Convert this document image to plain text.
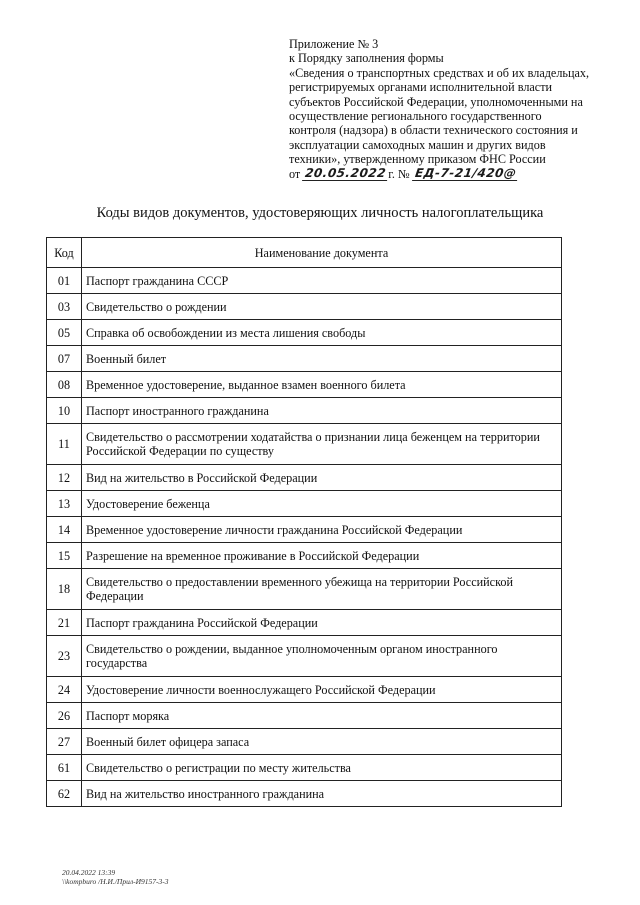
Приложение № 3
к Порядку заполнения формы
«Сведения о транспортных средствах и об их владельцах,
регистрируемых органами исполнительной власти
субъектов Российской Федерации, уполномоченными на
осуществление регионального государственного
контроля (надзора) в области технического состояния и
эксплуатации самоходных машин и других видов
техники», утвержденному приказом ФНС России
от
20.05.2022 г.
№
ЕД-7-21/420@
Коды видов документов, удостоверяющих личность налогоплательщика
Код	Наименование документа
01	Паспорт гражданина СССР
03	Свидетельство о рождении
05	Справка об освобождении из места лишения свободы
07	Военный билет
08	Временное удостоверение, выданное взамен военного билета
10	Паспорт иностранного гражданина
11	Свидетельство о рассмотрении ходатайства о признании лица беженцем на территории Российской Федерации по существу
12	Вид на жительство в Российской Федерации
13	Удостоверение беженца
14	Временное удостоверение личности гражданина Российской Федерации
15	Разрешение на временное проживание в Российской Федерации
18	Свидетельство о предоставлении временного убежища на территории Российской Федерации
21	Паспорт гражданина Российской Федерации
23	Свидетельство о рождении, выданное уполномоченным органом иностранного государства
24	Удостоверение личности военнослужащего Российской Федерации
26	Паспорт моряка
27	Военный билет офицера запаса
61	Свидетельство о регистрации по месту жительства
62	Вид на жительство иностранного гражданина
20.04.2022 13:39
\\kompburo /Н.И./Прил-И9157-3-3
